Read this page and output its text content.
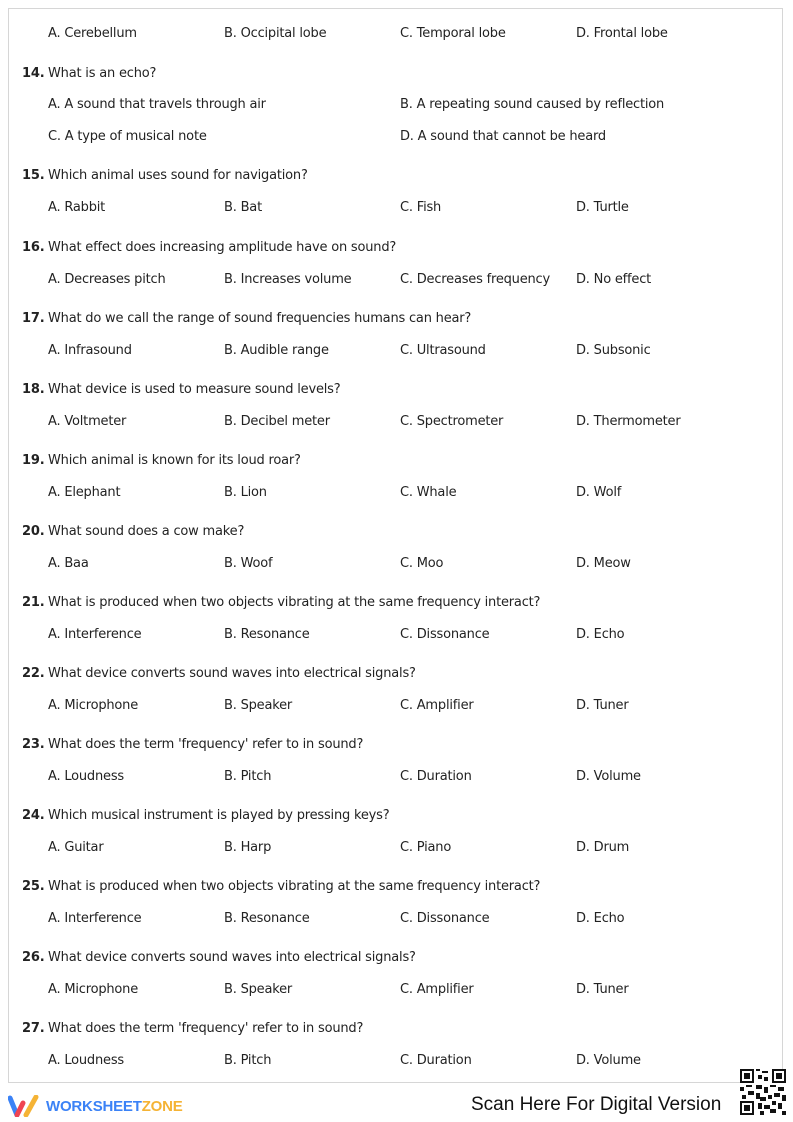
A. Cerebellum	B. Occipital lobe	C. Temporal lobe	D. Frontal lobe
14. What is an echo?
A. A sound that travels through air	B. A repeating sound caused by reflection
C. A type of musical note	D. A sound that cannot be heard
15. Which animal uses sound for navigation?
A. Rabbit	B. Bat	C. Fish	D. Turtle
16. What effect does increasing amplitude have on sound?
A. Decreases pitch	B. Increases volume	C. Decreases frequency D. No effect
17. What do we call the range of sound frequencies humans can hear?
A. Infrasound	B. Audible range	C. Ultrasound	D. Subsonic
18. What device is used to measure sound levels?
A. Voltmeter	B. Decibel meter	C. Spectrometer	D. Thermometer
19. Which animal is known for its loud roar?
A. Elephant	B. Lion	C. Whale	D. Wolf
20. What sound does a cow make?
A. Baa	B. Woof	C. Moo	D. Meow
21. What is produced when two objects vibrating at the same frequency interact?
A. Interference	B. Resonance	C. Dissonance	D. Echo
22. What device converts sound waves into electrical signals?
A. Microphone	B. Speaker	C. Amplifier	D. Tuner
23. What does the term 'frequency' refer to in sound?
A. Loudness	B. Pitch	C. Duration	D. Volume
24. Which musical instrument is played by pressing keys?
A. Guitar	B. Harp	C. Piano	D. Drum
25. What is produced when two objects vibrating at the same frequency interact?
A. Interference	B. Resonance	C. Dissonance	D. Echo
26. What device converts sound waves into electrical signals?
A. Microphone	B. Speaker	C. Amplifier	D. Tuner
27. What does the term 'frequency' refer to in sound?
A. Loudness	B. Pitch	C. Duration	D. Volume
WORKSHEETZONE	Scan Here For Digital Version
